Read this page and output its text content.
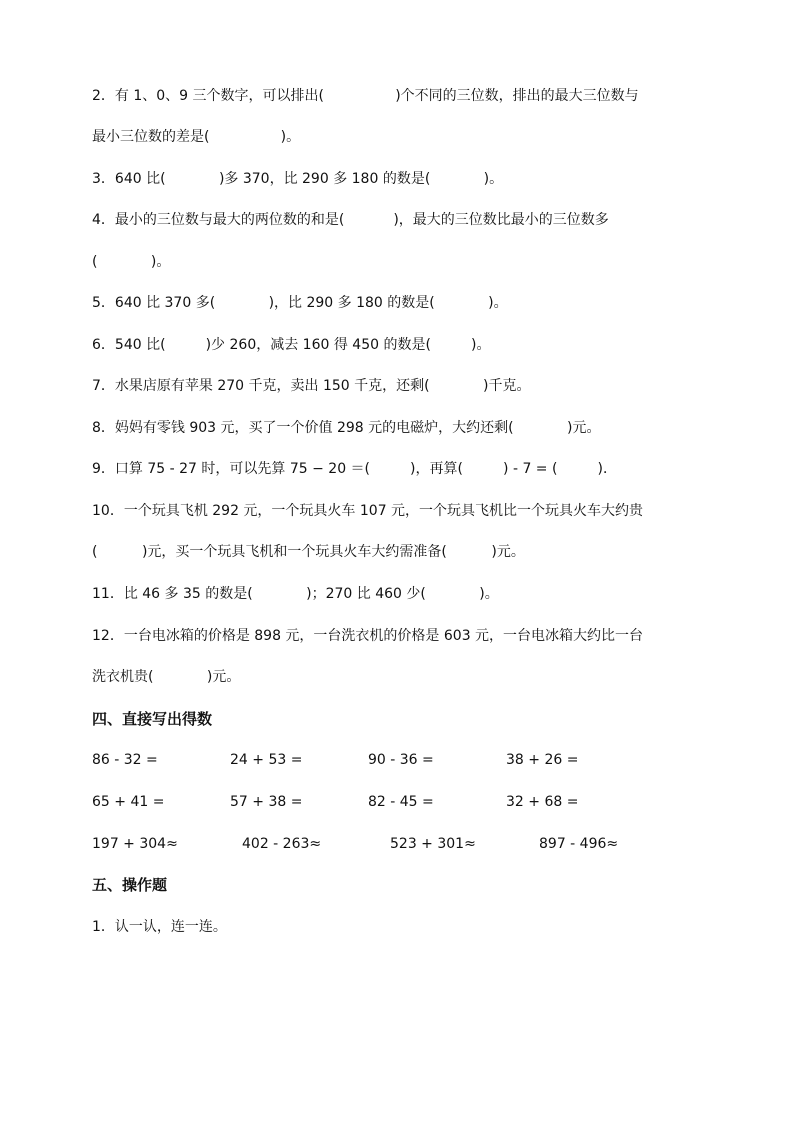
2．有 1、0、9 三个数字，可以排出(                )个不同的三位数，排出的最大三位数与
最小三位数的差是(                )。
3．640 比(            )多 370，比 290 多 180 的数是(            )。
4．最小的三位数与最大的两位数的和是(           )，最大的三位数比最小的三位数多
(            )。
5．640 比 370 多(            )，比 290 多 180 的数是(            )。
6．540 比(         )少 260，减去 160 得 450 的数是(         )。
7．水果店原有苹果 270 千克，卖出 150 千克，还剩(            )千克。
8．妈妈有零钱 903 元，买了一个价值 298 元的电磁炉，大约还剩(            )元。
9．口算 75 - 27 时，可以先算 75 − 20 ＝(         )，再算(         ) - 7 = (         )．
10．一个玩具飞机 292 元，一个玩具火车 107 元，一个玩具飞机比一个玩具火车大约贵
(          )元，买一个玩具飞机和一个玩具火车大约需准备(          )元。
11．比 46 多 35 的数是(            )；270 比 460 少(            )。
12．一台电冰箱的价格是 898 元，一台洗衣机的价格是 603 元，一台电冰箱大约比一台
洗衣机贵(            )元。
四、直接写出得数
86 - 32 =	24 + 53 =	90 - 36 =	38 + 26 =
65 + 41 =	57 + 38 =	82 - 45 =	32 + 68 =
197 + 304≈	402 - 263≈	523 + 301≈	897 - 496≈
五、操作题
1．认一认，连一连。
